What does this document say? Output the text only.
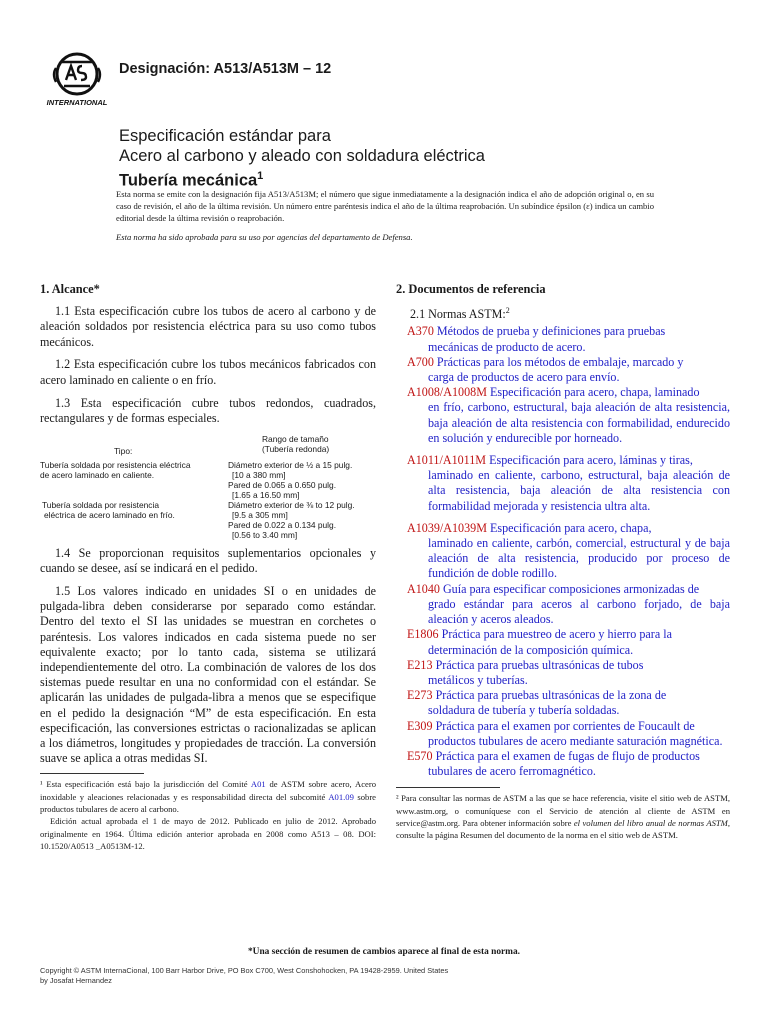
INTERNATIONAL
Designación: A513/A513M – 12
Especificación estándar para
Acero al carbono y aleado con soldadura eléctrica
Tubería mecánica$^1$
Esta norma se emite con la designación fija A513/A513M; el número que sigue inmediatamente a la designación indica el año de adopción original o, en su caso de revisión, el año de la última revisión. Un número entre paréntesis indica el año de la última reaprobación. Un subíndice épsilon (ε) indica un cambio editorial desde la última revisión o reaprobación.
Esta norma ha sido aprobada para su uso por agencias del departamento de Defensa.
1. Alcance*

1.1 Esta especificación cubre los tubos de acero al carbono y de aleación soldados por resistencia eléctrica para su uso como tubos mecánicos.

1.2 Esta especificación cubre los tubos mecánicos fabricados con acero laminado en caliente o en frío.

1.3 Esta especificación cubre tubos redondos, cuadrados, rectangulares y de formas especiales.

Tipo:
Rango de tamaño
(Tubería redonda)
Tubería soldada por resistencia eléctrica
de acero laminado en caliente.
Diámetro exterior de ½ a 15 pulg.
[10 a 380 mm]
Pared de 0.065 a 0.650 pulg.
[1.65 a 16.50 mm]
Tubería soldada por resistencia
eléctrica de acero laminado en frío.
Diámetro exterior de ⅜ to 12 pulg.
[9.5 a 305 mm]
Pared de 0.022 a 0.134 pulg.
[0.56 to 3.40 mm]

1.4 Se proporcionan requisitos suplementarios opcionales y cuando se desee, así se indicará en el pedido.

1.5 Los valores indicado en unidades SI o en unidades de pulgada-libra deben considerarse por separado como estándar. Dentro del texto el SI las unidades se muestran en corchetes o paréntesis. Los valores indicados en cada sistema puede no ser equivalente exacto; por lo tanto cada, sistema se utilizará independientemente del otro. La combinación de valores de los dos sistemas puede resultar en una no conformidad con el estándar. Se aplicarán las unidades de pulgada-libra a menos que se especifique en el pedido la designación “M” de esta especificación. En esta especificación, las conversiones estrictas o racionalizadas se aplican a los diámetros, longitudes y propiedades de tracción. La conversión suave se aplica a otras medidas SI.

¹ Esta especificación está bajo la jurisdicción del Comité A01 de ASTM sobre acero, Acero inoxidable y aleaciones relacionadas y es responsabilidad directa del subcomité A01.09 sobre productos tubulares de acero al carbono.

Edición actual aprobada el 1 de mayo de 2012. Publicado en julio de 2012. Aprobado originalmente en 1964. Última edición anterior aprobada en 2008 como A513 – 08. DOI: 10.1520/A0513 _A0513M-12.

2. Documentos de referencia
2.1 Normas ASTM:$^2$
A370 Métodos de prueba y definiciones para pruebas
mecánicas de producto de acero.
A700 Prácticas para los métodos de embalaje, marcado y
carga de productos de acero para envío.
A1008/A1008M Especificación para acero, chapa, laminado
en frío, carbono, estructural, baja aleación de alta resistencia, baja aleación de alta resistencia con formabilidad, endurecido en solución y endurecible por horneado.
A1011/A1011M Especificación para acero, láminas y tiras,
laminado en caliente, carbono, estructural, baja aleación de alta resistencia, baja aleación de alta resistencia con formabilidad mejorada y resistencia ultra alta.
A1039/A1039M Especificación para acero, chapa,
laminado en caliente, carbón, comercial, estructural y de baja aleación de alta resistencia, producido por proceso de fundición de doble rodillo.
A1040 Guía para especificar composiciones armonizadas de
grado estándar para aceros al carbono forjado, de baja aleación y aceros aleados.
E1806 Práctica para muestreo de acero y hierro para la
determinación de la composición química.
E213 Práctica para pruebas ultrasónicas de tubos
metálicos y tuberías.
E273 Práctica para pruebas ultrasónicas de la zona de
soldadura de tubería y tubería soldadas.
E309 Práctica para el examen por corrientes de Foucault de
productos tubulares de acero mediante saturación magnética.
E570 Práctica para el examen de fugas de flujo de productos
tubulares de acero ferromagnético.

² Para consultar las normas de ASTM a las que se hace referencia, visite el sitio web de ASTM, www.astm.org, o comuníquese con el Servicio de atención al cliente de ASTM en service@astm.org. Para obtener información sobre el volumen del libro anual de normas ASTM, consulte la página Resumen del documento de la norma en el sitio web de ASTM.

*Una sección de resumen de cambios aparece al final de esta norma.
Copyright © ASTM InternaCional, 100 Barr Harbor Drive, PO Box C700, West Conshohocken, PA 19428-2959. United States
by Josafat Hernandez
